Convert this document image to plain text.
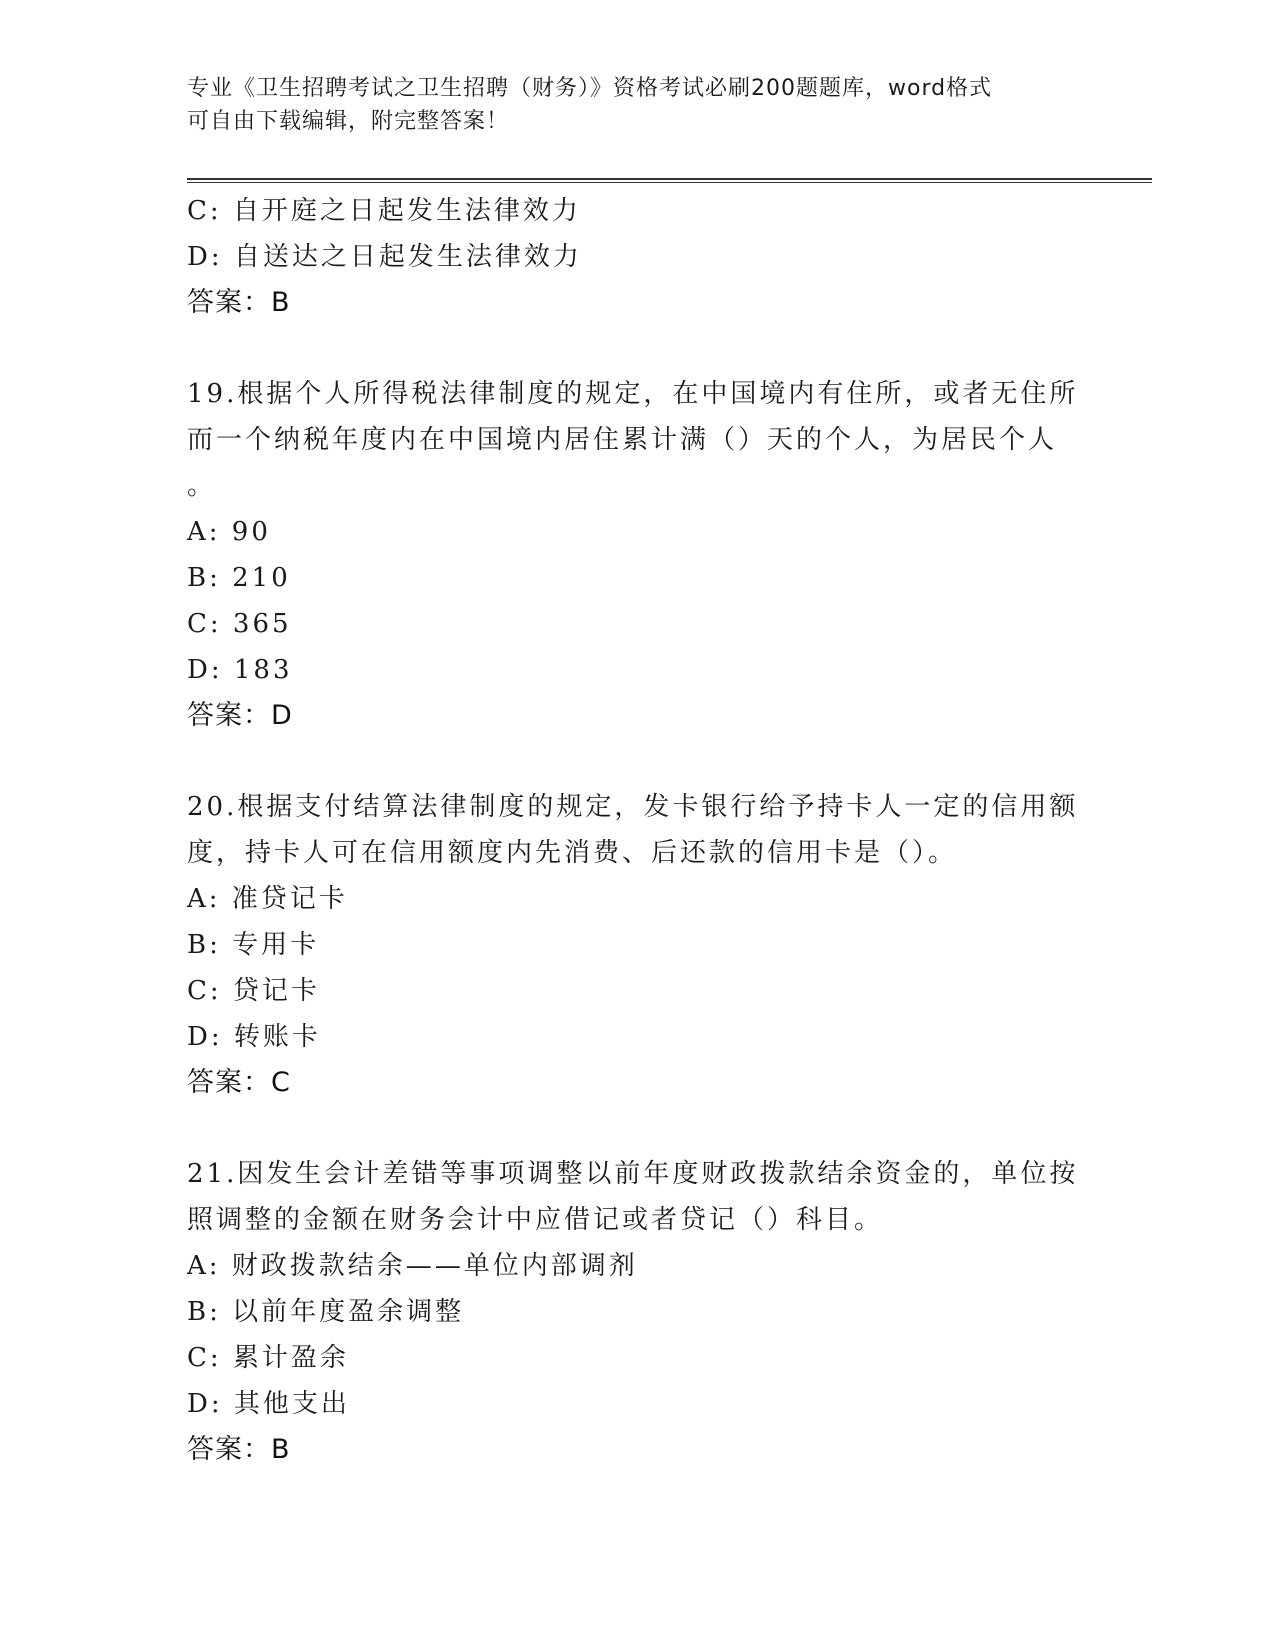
专业《卫生招聘考试之卫生招聘（财务）》资格考试必刷200题题库，word格式
可自由下载编辑，附完整答案！
C: 自开庭之日起发生法律效力
D: 自送达之日起发生法律效力
答案：B
19.根据个人所得税法律制度的规定，在中国境内有住所，或者无住所
而一个纳税年度内在中国境内居住累计满（）天的个人，为居民个人
。
A: 90
B: 210
C: 365
D: 183
答案：D
20.根据支付结算法律制度的规定，发卡银行给予持卡人一定的信用额
度，持卡人可在信用额度内先消费、后还款的信用卡是（）。
A: 准贷记卡
B: 专用卡
C: 贷记卡
D: 转账卡
答案：C
21.因发生会计差错等事项调整以前年度财政拨款结余资金的，单位按
照调整的金额在财务会计中应借记或者贷记（）科目。
A: 财政拨款结余——单位内部调剂
B: 以前年度盈余调整
C: 累计盈余
D: 其他支出
答案：B
